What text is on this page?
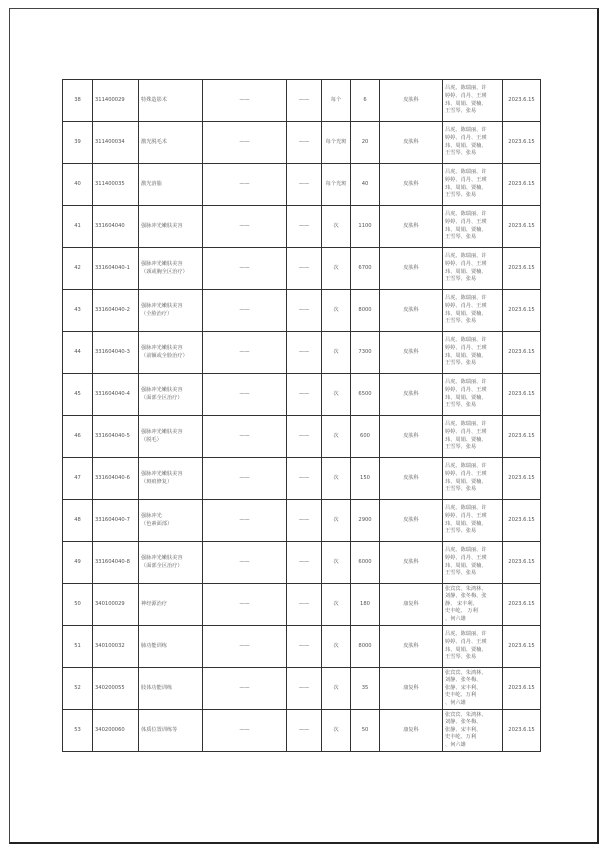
38	311400029	特殊造影术	——	——	每个	6	皮肤科	吕虎、陈瑞丽、许
婷婷、肖丹、王瑛
玮、周娟、贾楠、
王雪琴、张易	2023.6.15
39	311400034	激光脱毛术	——	——	每个光斑	20	皮肤科	吕虎、陈瑞丽、许
婷婷、肖丹、王瑛
玮、周娟、贾楠、
王雪琴、张易	2023.6.15
40	311400035	激光溶脂	——	——	每个光斑	40	皮肤科	吕虎、陈瑞丽、许
婷婷、肖丹、王瑛
玮、周娟、贾楠、
王雪琴、张易	2023.6.15
41	331604040	强脉冲光嫩肤美容	——	——	次	1100	皮肤科	吕虎、陈瑞丽、许
婷婷、肖丹、王瑛
玮、周娟、贾楠、
王雪琴、张易	2023.6.15
42	331604040-1	强脉冲光嫩肤美容
（颈或胸全区治疗）	——	——	次	6700	皮肤科	吕虎、陈瑞丽、许
婷婷、肖丹、王瑛
玮、周娟、贾楠、
王雪琴、张易	2023.6.15
43	331604040-2	强脉冲光嫩肤美容
（全脸治疗）	——	——	次	8000	皮肤科	吕虎、陈瑞丽、许
婷婷、肖丹、王瑛
玮、周娟、贾楠、
王雪琴、张易	2023.6.15
44	331604040-3	强脉冲光嫩肤美容
（前额或全脸治疗）	——	——	次	7300	皮肤科	吕虎、陈瑞丽、许
婷婷、肖丹、王瑛
玮、周娟、贾楠、
王雪琴、张易	2023.6.15
45	331604040-4	强脉冲光嫩肤美容
（面部全区治疗）	——	——	次	6500	皮肤科	吕虎、陈瑞丽、许
婷婷、肖丹、王瑛
玮、周娟、贾楠、
王雪琴、张易	2023.6.15
46	331604040-5	强脉冲光嫩肤美容
（脱毛）	——	——	次	600	皮肤科	吕虎、陈瑞丽、许
婷婷、肖丹、王瑛
玮、周娟、贾楠、
王雪琴、张易	2023.6.15
47	331604040-6	强脉冲光嫩肤美容
（斑痕修复）	——	——	次	150	皮肤科	吕虎、陈瑞丽、许
婷婷、肖丹、王瑛
玮、周娟、贾楠、
王雪琴、张易	2023.6.15
48	331604040-7	强脉冲光
（色素面部）	——	——	次	2900	皮肤科	吕虎、陈瑞丽、许
婷婷、肖丹、王瑛
玮、周娟、贾楠、
王雪琴、张易	2023.6.15
49	331604040-8	强脉冲光嫩肤美容
（面部全区治疗）	——	——	次	6000	皮肤科	吕虎、陈瑞丽、许
婷婷、肖丹、王瑛
玮、周娟、贾楠、
王雪琴、张易	2023.6.15
50	340100029	神经源治疗	——	——	次	180	康复科	张宾宾、朱鸿林、
刘静、张冬梅、张
静、 宋丰利、
史丰屹、 万利
、何六雄	2023.6.15
51	340100032	肺功能训练	——	——	次	8000	皮肤科	吕虎、陈瑞丽、许
婷婷、肖丹、王瑛
玮、周娟、贾楠、
王雪琴、张易	2023.6.15
52	340200055	肢体功能训练	——	——	次	35	康复科	张宾宾、朱鸿林、
刘静、张冬梅、
张静、宋丰利、
史丰屹、万利
、何六雄	2023.6.15
53	340200060	体质位置训练等	——	——	次	50	康复科	张宾宾、朱鸿林、
刘静、张冬梅、
张静、宋丰利、
史丰屹、万利
、何六雄	2023.6.15
